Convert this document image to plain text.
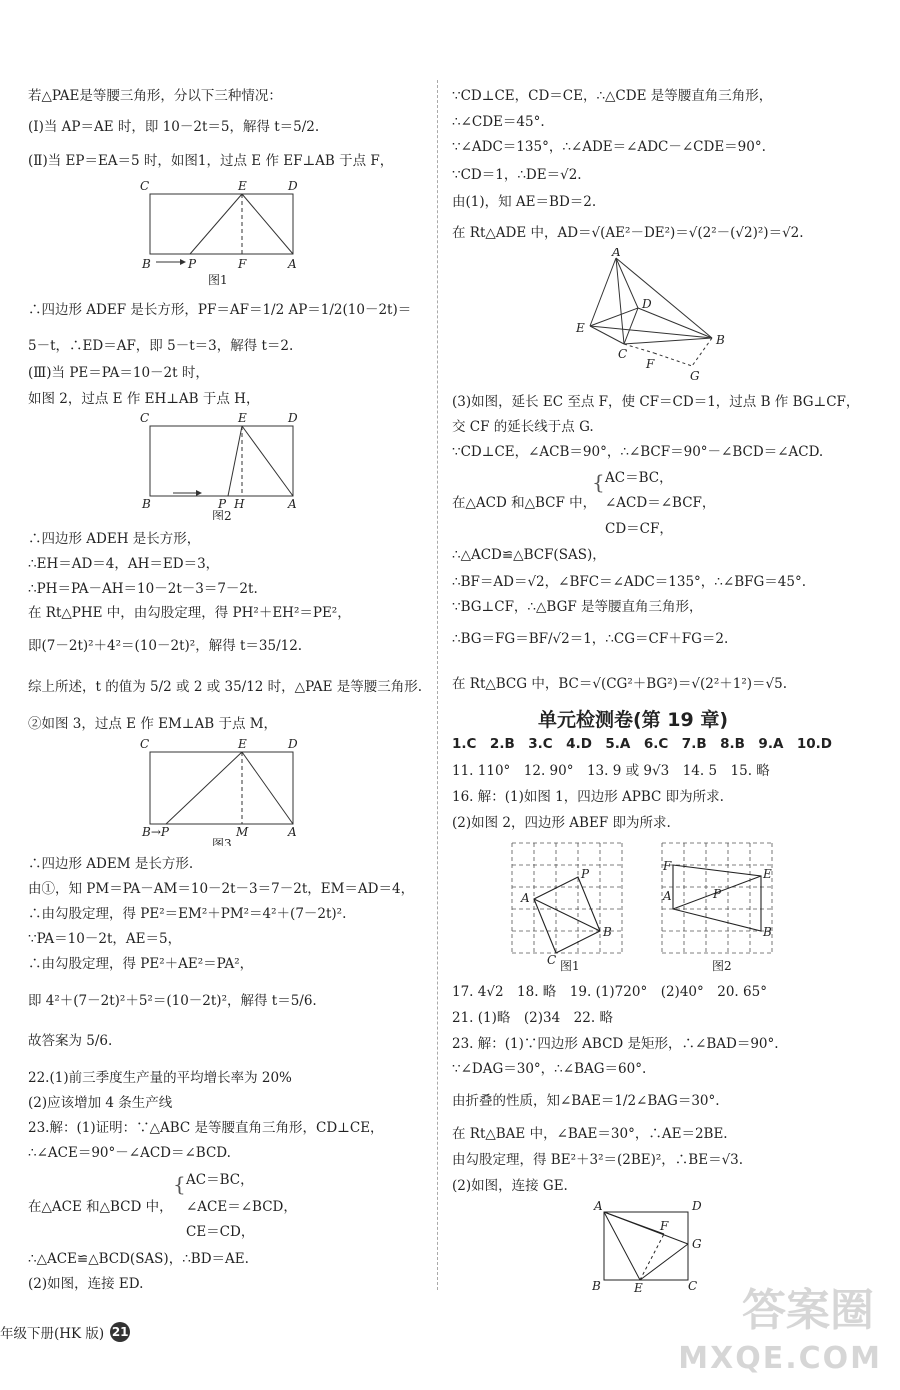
若△PAE是等腰三角形，分以下三种情况：
(Ⅰ)当 AP＝AE 时，即 10－2t＝5，解得 t＝5/2.
(Ⅱ)当 EP＝EA＝5 时，如图1，过点 E 作 EF⊥AB 于点 F，
C	E	D
B	P	F	A
图1
∴四边形 ADEF 是长方形，PF＝AF＝1/2 AP＝1/2(10－2t)＝
5－t，∴ED＝AF，即 5－t＝3，解得 t＝2.
(Ⅲ)当 PE＝PA＝10－2t 时，
如图 2，过点 E 作 EH⊥AB 于点 H，
C	E	D
B	P H	A
图2
∴四边形 ADEH 是长方形，
∴EH＝AD＝4，AH＝ED＝3，
∴PH＝PA－AH＝10－2t－3＝7－2t.
在 Rt△PHE 中，由勾股定理，得 PH²＋EH²＝PE²，
即(7－2t)²＋4²＝(10－2t)²，解得 t＝35/12.
综上所述，t 的值为 5/2 或 2 或 35/12 时，△PAE 是等腰三角形.
②如图 3，过点 E 作 EM⊥AB 于点 M，
C	E	D
B→P	M	A
图3
∴四边形 ADEM 是长方形.
由①，知 PM＝PA－AM＝10－2t－3＝7－2t，EM＝AD＝4，
∴由勾股定理，得 PE²＝EM²＋PM²＝4²＋(7－2t)².
∵PA＝10－2t，AE＝5，
∴由勾股定理，得 PE²＋AE²＝PA²，
即 4²＋(7－2t)²＋5²＝(10－2t)²，解得 t＝5/6.
故答案为 5/6.
22.(1)前三季度生产量的平均增长率为 20%
(2)应该增加 4 条生产线
23.解：(1)证明：∵△ABC 是等腰直角三角形，CD⊥CE，
∴∠ACE＝90°－∠ACD＝∠BCD.
在△ACE 和△BCD 中，
{ AC＝BC，
∠ACE＝∠BCD，
CE＝CD，
∴△ACE≌△BCD(SAS)，∴BD＝AE.
(2)如图，连接 ED.
∵CD⊥CE，CD＝CE，∴△CDE 是等腰直角三角形，
∴∠CDE＝45°.
∵∠ADC＝135°，∴∠ADE＝∠ADC－∠CDE＝90°.
∵CD＝1，∴DE＝√2.
由(1)，知 AE＝BD＝2.
在 Rt△ADE 中，AD＝√(AE²－DE²)＝√(2²－(√2)²)＝√2.
A
D
E
C
B
F
G
(3)如图，延长 EC 至点 F，使 CF＝CD＝1，过点 B 作 BG⊥CF，
交 CF 的延长线于点 G.
∵CD⊥CE，∠ACB＝90°，∴∠BCF＝90°－∠BCD＝∠ACD.
在△ACD 和△BCF 中，
{ AC＝BC，
∠ACD＝∠BCF，
CD＝CF，
∴△ACD≌△BCF(SAS)，
∴BF＝AD＝√2，∠BFC＝∠ADC＝135°，∴∠BFG＝45°.
∵BG⊥CF，∴△BGF 是等腰直角三角形，
∴BG＝FG＝BF/√2＝1，∴CG＝CF＋FG＝2.
在 Rt△BCG 中，BC＝√(CG²＋BG²)＝√(2²＋1²)＝√5.
单元检测卷(第 19 章)
1.C　2.B　3.C　4.D　5.A　6.C　7.B　8.B　9.A　10.D
11. 110°　12. 90°　13. 9 或 9√3　14. 5　15. 略
16. 解：(1)如图 1，四边形 APBC 即为所求.
(2)如图 2，四边形 ABEF 即为所求.
A
P
B
C 图1
F
E
A	P
B
图2
17. 4√2　18. 略　19. (1)720°　(2)40°　20. 65°
21. (1)略　(2)34　22. 略
23. 解：(1)∵四边形 ABCD 是矩形，∴∠BAD＝90°.
∵∠DAG＝30°，∴∠BAG＝60°.
由折叠的性质，知∠BAE＝1/2∠BAG＝30°.
在 Rt△BAE 中，∠BAE＝30°，∴AE＝2BE.
由勾股定理，得 BE²＋3²＝(2BE)²，∴BE＝√3.
(2)如图，连接 GE.
A	D
F
G
B	E	C
年级下册(HK 版) 21	答案圈
MXQE.COM
